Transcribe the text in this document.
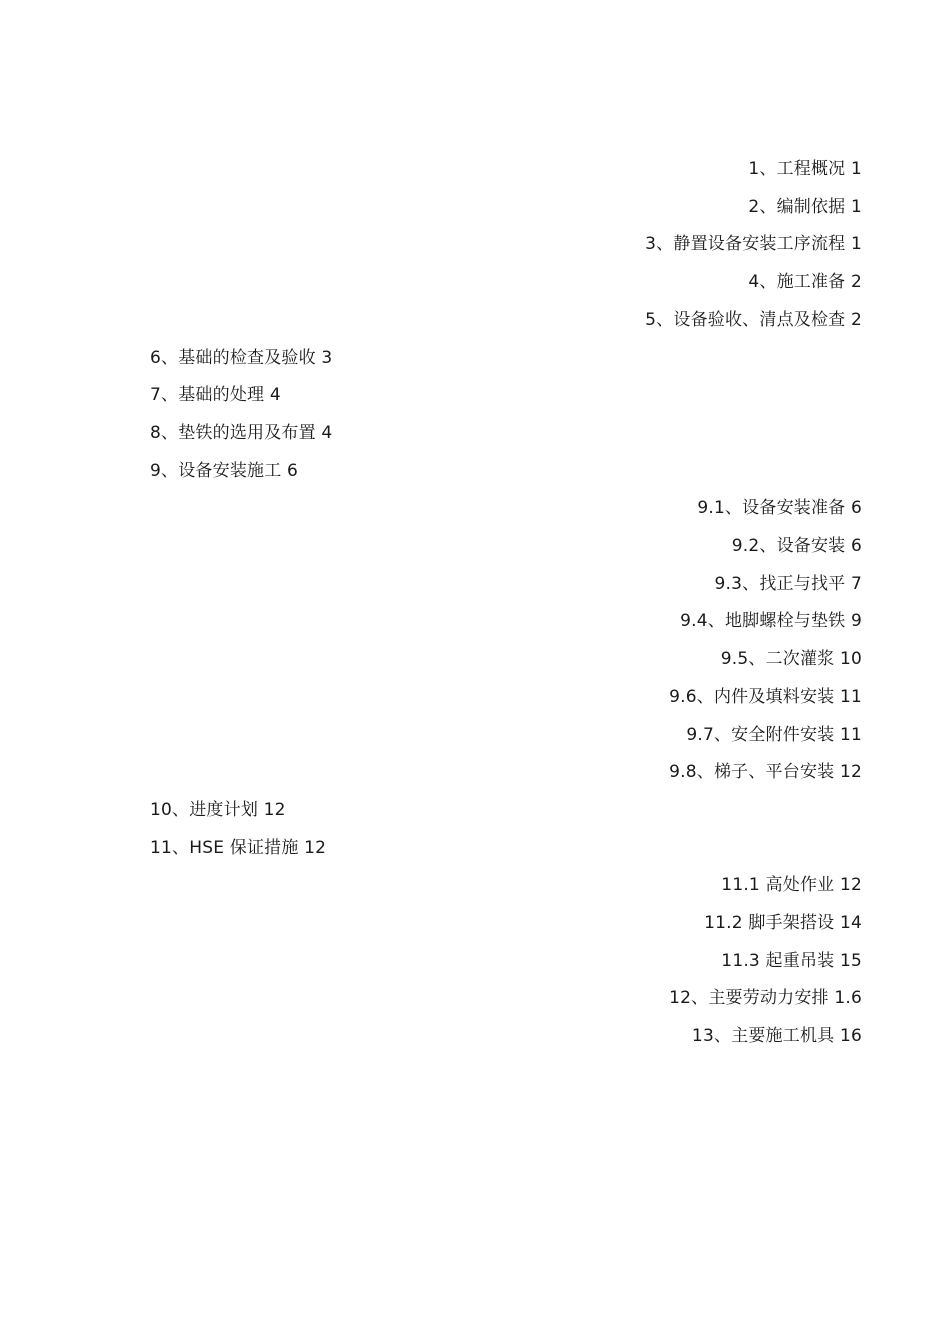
1、工程概况 1
2、编制依据 1
3、静置设备安装工序流程 1
4、施工准备 2
5、设备验收、清点及检查 2
6、基础的检查及验收 3
7、基础的处理 4
8、垫铁的选用及布置 4
9、设备安装施工 6
9.1、设备安装准备 6
9.2、设备安装 6
9.3、找正与找平 7
9.4、地脚螺栓与垫铁 9
9.5、二次灌浆 10
9.6、内件及填料安装 11
9.7、安全附件安装 11
9.8、梯子、平台安装 12
10、进度计划 12
11、HSE 保证措施 12
11.1 高处作业 12
11.2 脚手架搭设 14
11.3 起重吊装 15
12、主要劳动力安排 1.6
13、主要施工机具 16
